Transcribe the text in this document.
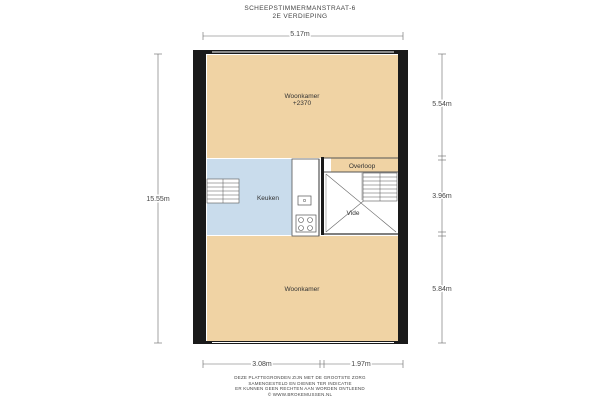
SCHEEPSTIMMERMANSTRAAT-6
2E VERDIEPING
Woonkamer
+2370
Keuken
Overloop
Vide
Woonkamer
5.17m
15.55m
5.54m
3.96m
5.84m
3.08m	1.97m
DEZE PLATTEGRONDEN ZIJN MET DE GROOTSTE ZORG
SAMENGESTELD EN DIENEN TER INDICATIE
ER KUNNEN GEEN RECHTEN AAN WORDEN ONTLEEND
© WWW.BROKEMUSSEN.NL
